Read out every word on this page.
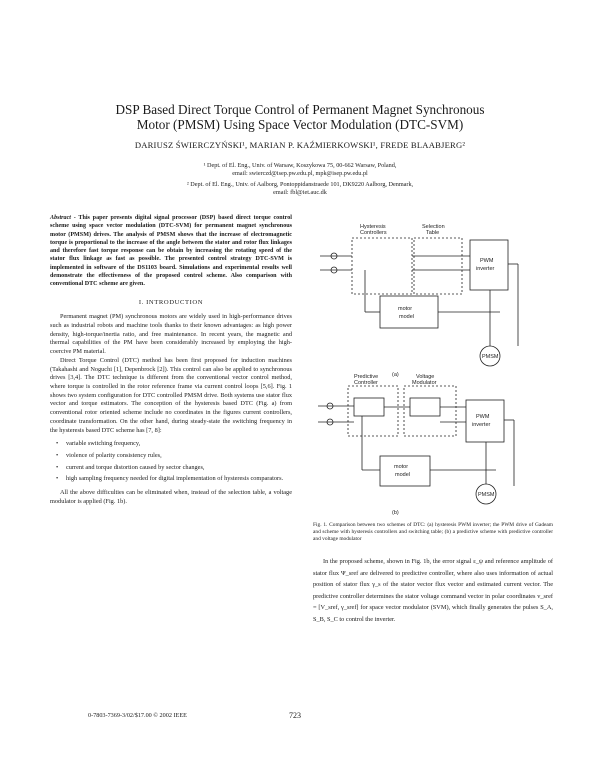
DSP Based Direct Torque Control of Permanent Magnet Synchronous
Motor (PMSM) Using Space Vector Modulation (DTC-SVM)
DARIUSZ ŚWIERCZYŃSKI¹, MARIAN P. KAŹMIERKOWSKI¹, FREDE BLAABJERG²
¹ Dept. of El. Eng., Univ. of Warsaw, Koszykowa 75, 00-662 Warsaw, Poland,
email: swierczd@isep.pw.edu.pl, mpk@isep.pw.edu.pl
² Dept. of El. Eng., Univ. of Aalborg, Pontoppidanstraede 101, DK9220 Aalborg, Denmark,
email: fbl@iet.auc.dk
Abstract - This paper presents digital signal processor (DSP) based direct torque control scheme using space vector modulation (DTC-SVM) for permanent magnet synchronous motor (PMSM) drives. The analysis of PMSM shows that the increase of electromagnetic torque is proportional to the increase of the angle between the stator and rotor flux linkages and therefore fast torque response can be obtain by increasing the rotating speed of the stator flux linkage as fast as possible. The presented control strategy DTC-SVM is implemented in software of the DS1103 board. Simulations and experimental results well demonstrate the effectiveness of the proposed control scheme. Also comparison with conventional DTC scheme are given.
I. INTRODUCTION

Permanent magnet (PM) synchronous motors are widely used in high-performance drives such as industrial robots and machine tools thanks to their known advantages: as high power density, high-torque/inertia ratio, and free maintenance. In recent years, the magnetic and thermal capabilities of the PM have been considerably increased by employing the high-coercive PM material.

Direct Torque Control (DTC) method has been first proposed for induction machines (Takahashi and Noguchi [1], Depenbrock [2]). This control can also be applied to synchronous drives [3,4]. The DTC technique is different from the conventional vector control method, where torque is controlled in the rotor reference frame via current control loops [5,6]. Fig. 1 shows two system configuration for DTC controlled PMSM drive. Both systems use stator flux vector and torque estimators. The conception of the hysteresis based DTC (Fig. a) from conventional rotor oriented scheme include no coordinates in the figures current controllers, coordinate transformation. On the other hand, during steady-state the switching frequency in the hysteresis based DTC scheme has [7, 8]:

• variable switching frequency,
• violence of polarity consistency rules,
• current and torque distortion caused by sector changes,
• high sampling frequency needed for digital implementation of hysteresis comparators.

All the above difficulties can be eliminated when, instead of the selection table, a voltage modulator is applied (Fig. 1b).

Hysteresis
Controllers
Selection
Table
PWM
inverter
motor
model
PMSM
(a)
Predictive
Controller
Voltage
Modulator
PWM
inverter
motor
model
PMSM
(b)
Fig. 1. Comparison between two schemes of DTC: (a) hysteresis PWM inverter; the PWM drive of Gadeam and scheme with hysteresis controllers and switching table; (b) a predictive scheme with predictive controller and voltage modulator

In the proposed scheme, shown in Fig. 1b, the error signal ε_ψ and reference amplitude of stator flux Ψ_sref are delivered to predictive controller, where also uses information of actual position of stator flux γ_s of the stator vector flux vector and estimated current vector. The predictive controller determines the stator voltage command vector in polar coordinates v_sref = [V_sref, γ_sref] for space vector modulator (SVM), which finally generates the pulses S_A, S_B, S_C to control the inverter.

0-7803-7369-3/02/$17.00 © 2002 IEEE	723
